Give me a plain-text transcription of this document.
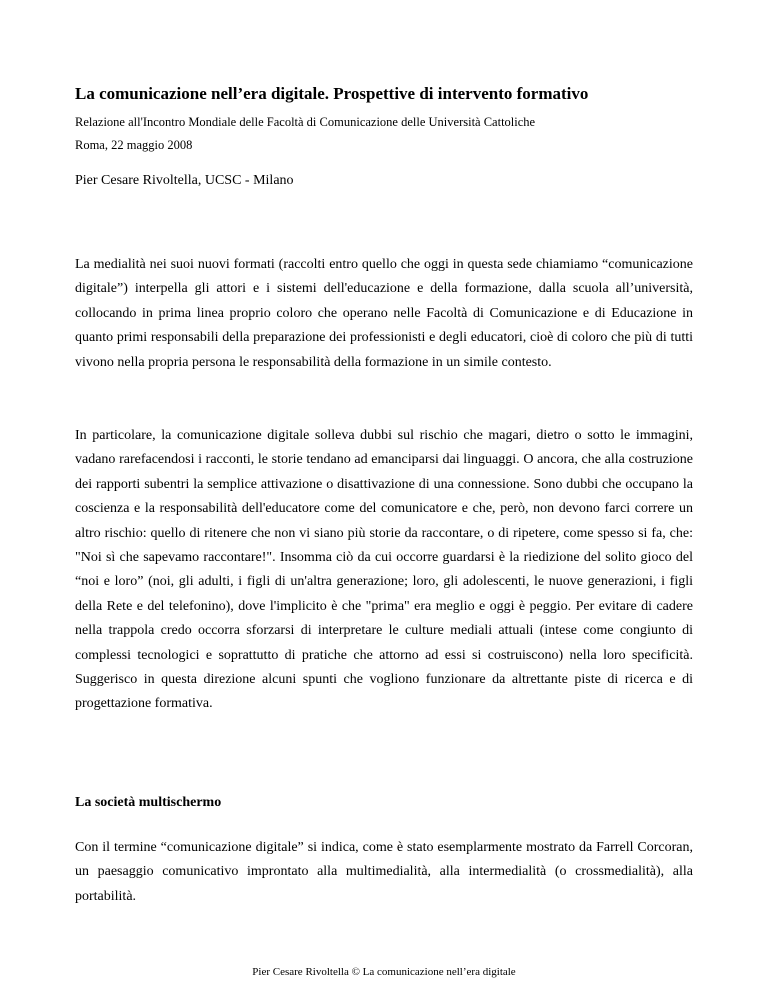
La comunicazione nell’era digitale. Prospettive di intervento formativo
Relazione all'Incontro Mondiale delle Facoltà di Comunicazione delle Università Cattoliche
Roma, 22 maggio 2008
Pier Cesare Rivoltella, UCSC - Milano

La medialità nei suoi nuovi formati (raccolti entro quello che oggi in questa sede chiamiamo “comunicazione digitale”) interpella gli attori e i sistemi dell'educazione e della formazione, dalla scuola all’università, collocando in prima linea proprio coloro che operano nelle Facoltà di Comunicazione e di Educazione in quanto primi responsabili della preparazione dei professionisti e degli educatori, cioè di coloro che più di tutti vivono nella propria persona le responsabilità della formazione in un simile contesto.

In particolare, la comunicazione digitale solleva dubbi sul rischio che magari, dietro o sotto le immagini, vadano rarefacendosi i racconti, le storie tendano ad emanciparsi dai linguaggi. O ancora, che alla costruzione dei rapporti subentri la semplice attivazione o disattivazione di una connessione. Sono dubbi che occupano la coscienza e la responsabilità dell'educatore come del comunicatore e che, però, non devono farci correre un altro rischio: quello di ritenere che non vi siano più storie da raccontare, o di ripetere, come spesso si fa, che: "Noi sì che sapevamo raccontare!". Insomma ciò da cui occorre guardarsi è la riedizione del solito gioco del “noi e loro” (noi, gli adulti, i figli di un'altra generazione; loro, gli adolescenti, le nuove generazioni, i figli della Rete e del telefonino), dove l'implicito è che "prima" era meglio e oggi è peggio. Per evitare di cadere nella trappola credo occorra sforzarsi di interpretare le culture mediali attuali (intese come congiunto di complessi tecnologici e soprattutto di pratiche che attorno ad essi si costruiscono) nella loro specificità. Suggerisco in questa direzione alcuni spunti che vogliono funzionare da altrettante piste di ricerca e di progettazione formativa.

La società multischermo

Con il termine “comunicazione digitale” si indica, come è stato esemplarmente mostrato da Farrell Corcoran, un paesaggio comunicativo improntato alla multimedialità, alla intermedialità (o crossmedialità), alla portabilità.

Pier Cesare Rivoltella © La comunicazione nell’era digitale
